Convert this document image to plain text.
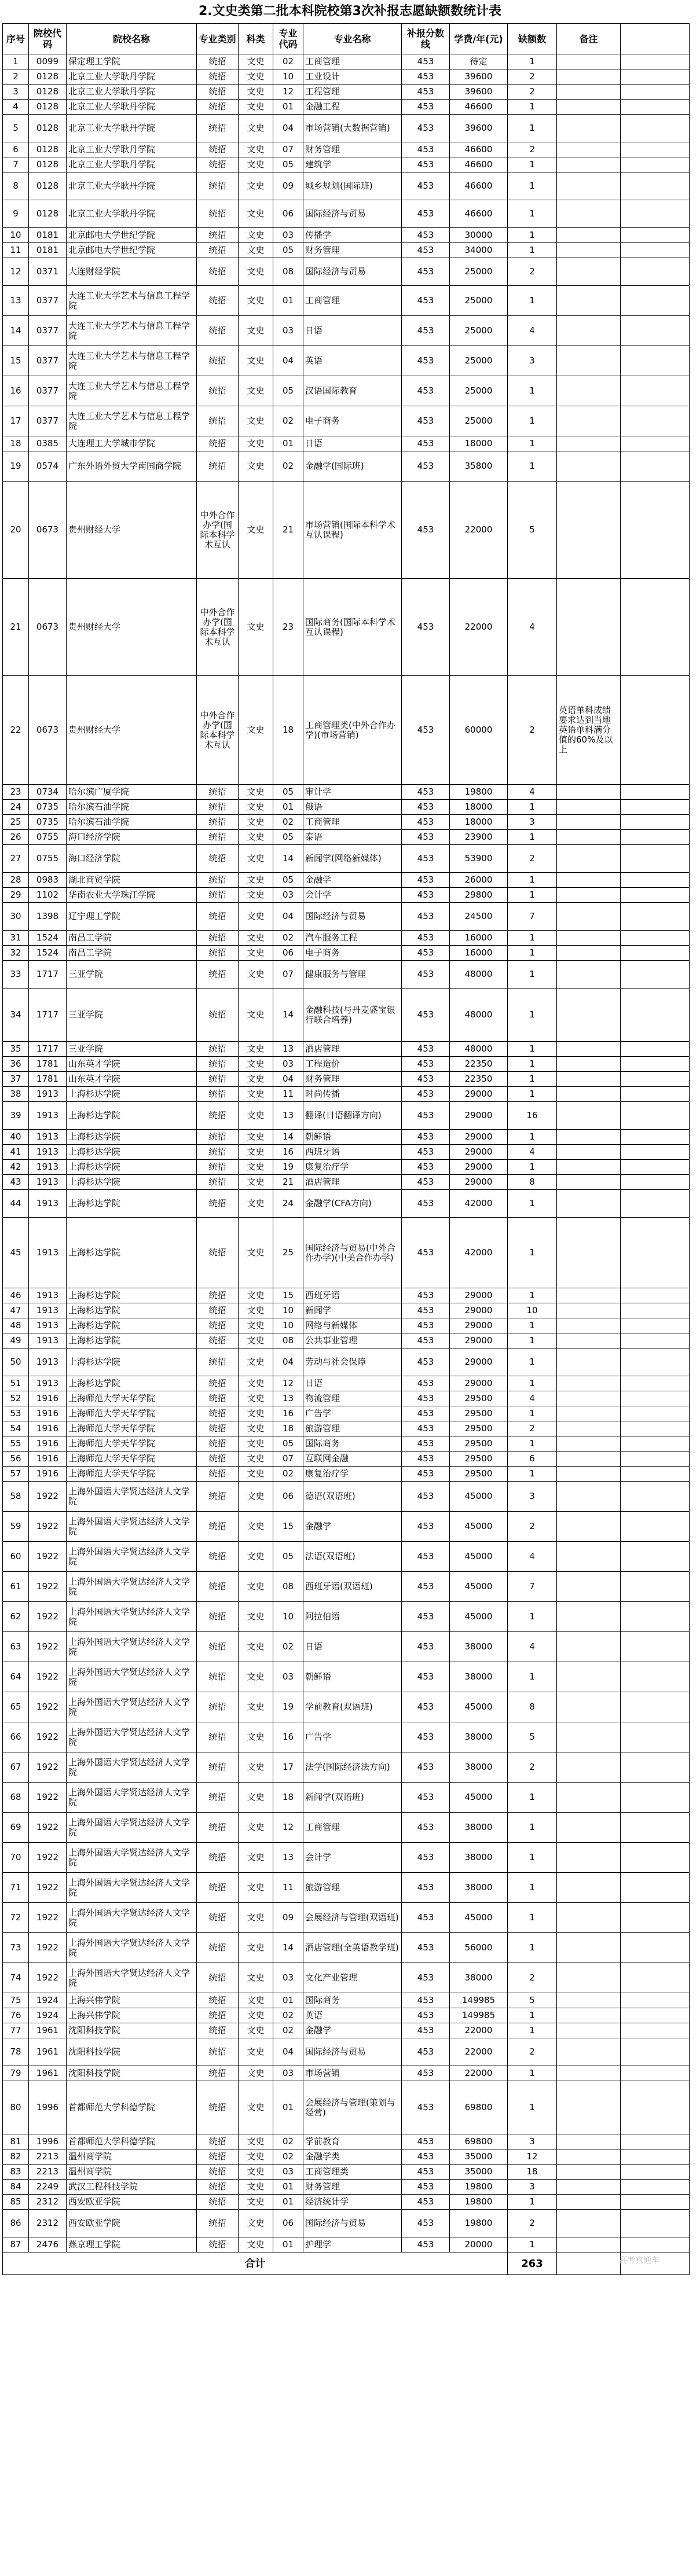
2.文史类第二批本科院校第3次补报志愿缺额数统计表
序号	院校代码	院校名称	专业类别	科类	专业代码	专业名称	补报分数线	学费/年(元)	缺额数	备注	
1	0099	保定理工学院	统招	文史	02	工商管理	453	待定	1		
2	0128	北京工业大学耿丹学院	统招	文史	10	工业设计	453	39600	2		
3	0128	北京工业大学耿丹学院	统招	文史	12	工程管理	453	39600	2		
4	0128	北京工业大学耿丹学院	统招	文史	01	金融工程	453	46600	1		
5	0128	北京工业大学耿丹学院	统招	文史	04	市场营销(大数据营销)	453	39600	1		
6	0128	北京工业大学耿丹学院	统招	文史	07	财务管理	453	46600	2		
7	0128	北京工业大学耿丹学院	统招	文史	05	建筑学	453	46600	1		
8	0128	北京工业大学耿丹学院	统招	文史	09	城乡规划(国际班)	453	46600	1		
9	0128	北京工业大学耿丹学院	统招	文史	06	国际经济与贸易	453	46600	1		
10	0181	北京邮电大学世纪学院	统招	文史	03	传播学	453	30000	1		
11	0181	北京邮电大学世纪学院	统招	文史	05	财务管理	453	34000	1		
12	0371	大连财经学院	统招	文史	08	国际经济与贸易	453	25000	2		
13	0377	大连工业大学艺术与信息工程学院	统招	文史	01	工商管理	453	25000	1		
14	0377	大连工业大学艺术与信息工程学院	统招	文史	03	日语	453	25000	4		
15	0377	大连工业大学艺术与信息工程学院	统招	文史	04	英语	453	25000	3		
16	0377	大连工业大学艺术与信息工程学院	统招	文史	05	汉语国际教育	453	25000	1		
17	0377	大连工业大学艺术与信息工程学院	统招	文史	02	电子商务	453	25000	1		
18	0385	大连理工大学城市学院	统招	文史	01	日语	453	18000	1		
19	0574	广东外语外贸大学南国商学院	统招	文史	02	金融学(国际班)	453	35800	1		
20	0673	贵州财经大学	中外合作办学(国际本科学术互认	文史	21	市场营销(国际本科学术互认课程)	453	22000	5		
21	0673	贵州财经大学	中外合作办学(国际本科学术互认	文史	23	国际商务(国际本科学术互认课程)	453	22000	4		
22	0673	贵州财经大学	中外合作办学(国际本科学术互认	文史	18	工商管理类(中外合作办学)(市场营销)	453	60000	2	英语单科成绩要求达到当地英语单科满分值的60%及以上	
23	0734	哈尔滨广厦学院	统招	文史	05	审计学	453	19800	4		
24	0735	哈尔滨石油学院	统招	文史	01	俄语	453	18000	1		
25	0735	哈尔滨石油学院	统招	文史	02	工商管理	453	18000	3		
26	0755	海口经济学院	统招	文史	05	泰语	453	23900	1		
27	0755	海口经济学院	统招	文史	14	新闻学(网络新媒体)	453	53900	2		
28	0983	湖北商贸学院	统招	文史	05	金融学	453	26000	1		
29	1102	华南农业大学珠江学院	统招	文史	03	会计学	453	29800	1		
30	1398	辽宁理工学院	统招	文史	04	国际经济与贸易	453	24500	7		
31	1524	南昌工学院	统招	文史	02	汽车服务工程	453	16000	1		
32	1524	南昌工学院	统招	文史	06	电子商务	453	16000	1		
33	1717	三亚学院	统招	文史	07	健康服务与管理	453	48000	1		
34	1717	三亚学院	统招	文史	14	金融科技(与丹麦盛宝银行联合培养)	453	48000	1		
35	1717	三亚学院	统招	文史	13	酒店管理	453	48000	1		
36	1781	山东英才学院	统招	文史	03	工程造价	453	22350	1		
37	1781	山东英才学院	统招	文史	04	财务管理	453	22350	1		
38	1913	上海杉达学院	统招	文史	11	时尚传播	453	29000	1		
39	1913	上海杉达学院	统招	文史	13	翻译(日语翻译方向)	453	29000	16		
40	1913	上海杉达学院	统招	文史	14	朝鲜语	453	29000	1		
41	1913	上海杉达学院	统招	文史	16	西班牙语	453	29000	4		
42	1913	上海杉达学院	统招	文史	19	康复治疗学	453	29000	1		
43	1913	上海杉达学院	统招	文史	21	酒店管理	453	29000	8		
44	1913	上海杉达学院	统招	文史	24	金融学(CFA方向)	453	42000	1		
45	1913	上海杉达学院	统招	文史	25	国际经济与贸易(中外合作办学)(中美合作办学)	453	42000	1		
46	1913	上海杉达学院	统招	文史	15	西班牙语	453	29000	1		
47	1913	上海杉达学院	统招	文史	10	新闻学	453	29000	10		
48	1913	上海杉达学院	统招	文史	10	网络与新媒体	453	29000	1		
49	1913	上海杉达学院	统招	文史	08	公共事业管理	453	29000	1		
50	1913	上海杉达学院	统招	文史	04	劳动与社会保障	453	29000	1		
51	1913	上海杉达学院	统招	文史	12	日语	453	29000	1		
52	1916	上海师范大学天华学院	统招	文史	13	物流管理	453	29500	4		
53	1916	上海师范大学天华学院	统招	文史	16	广告学	453	29500	1		
54	1916	上海师范大学天华学院	统招	文史	18	旅游管理	453	29500	2		
55	1916	上海师范大学天华学院	统招	文史	05	国际商务	453	29500	1		
56	1916	上海师范大学天华学院	统招	文史	07	互联网金融	453	29500	6		
57	1916	上海师范大学天华学院	统招	文史	02	康复治疗学	453	29500	1		
58	1922	上海外国语大学贤达经济人文学院	统招	文史	06	德语(双语班)	453	45000	3		
59	1922	上海外国语大学贤达经济人文学院	统招	文史	15	金融学	453	45000	2		
60	1922	上海外国语大学贤达经济人文学院	统招	文史	05	法语(双语班)	453	45000	4		
61	1922	上海外国语大学贤达经济人文学院	统招	文史	08	西班牙语(双语班)	453	45000	7		
62	1922	上海外国语大学贤达经济人文学院	统招	文史	10	阿拉伯语	453	45000	1		
63	1922	上海外国语大学贤达经济人文学院	统招	文史	02	日语	453	38000	4		
64	1922	上海外国语大学贤达经济人文学院	统招	文史	03	朝鲜语	453	38000	1		
65	1922	上海外国语大学贤达经济人文学院	统招	文史	19	学前教育(双语班)	453	45000	8		
66	1922	上海外国语大学贤达经济人文学院	统招	文史	16	广告学	453	38000	5		
67	1922	上海外国语大学贤达经济人文学院	统招	文史	17	法学(国际经济法方向)	453	38000	2		
68	1922	上海外国语大学贤达经济人文学院	统招	文史	18	新闻学(双语班)	453	45000	1		
69	1922	上海外国语大学贤达经济人文学院	统招	文史	12	工商管理	453	38000	1		
70	1922	上海外国语大学贤达经济人文学院	统招	文史	13	会计学	453	38000	1		
71	1922	上海外国语大学贤达经济人文学院	统招	文史	11	旅游管理	453	38000	1		
72	1922	上海外国语大学贤达经济人文学院	统招	文史	09	会展经济与管理(双语班)	453	45000	1		
73	1922	上海外国语大学贤达经济人文学院	统招	文史	14	酒店管理(全英语教学班)	453	56000	1		
74	1922	上海外国语大学贤达经济人文学院	统招	文史	03	文化产业管理	453	38000	2		
75	1924	上海兴伟学院	统招	文史	01	国际商务	453	149985	5		
76	1924	上海兴伟学院	统招	文史	02	英语	453	149985	1		
77	1961	沈阳科技学院	统招	文史	02	金融学	453	22000	1		
78	1961	沈阳科技学院	统招	文史	04	国际经济与贸易	453	22000	2		
79	1961	沈阳科技学院	统招	文史	03	市场营销	453	22000	1		
80	1996	首都师范大学科德学院	统招	文史	01	会展经济与管理(策划与经营)	453	69800	1		
81	1996	首都师范大学科德学院	统招	文史	02	学前教育	453	69800	3		
82	2213	温州商学院	统招	文史	02	金融学类	453	35000	12		
83	2213	温州商学院	统招	文史	03	工商管理类	453	35000	18		
84	2249	武汉工程科技学院	统招	文史	01	财务管理	453	19800	3		
85	2312	西安欧亚学院	统招	文史	01	经济统计学	453	19800	1		
86	2312	西安欧亚学院	统招	文史	06	国际经济与贸易	453	19800	2		
87	2476	燕京理工学院	统招	文史	01	护理学	453	20000	1		
合计									263			高考直通车
